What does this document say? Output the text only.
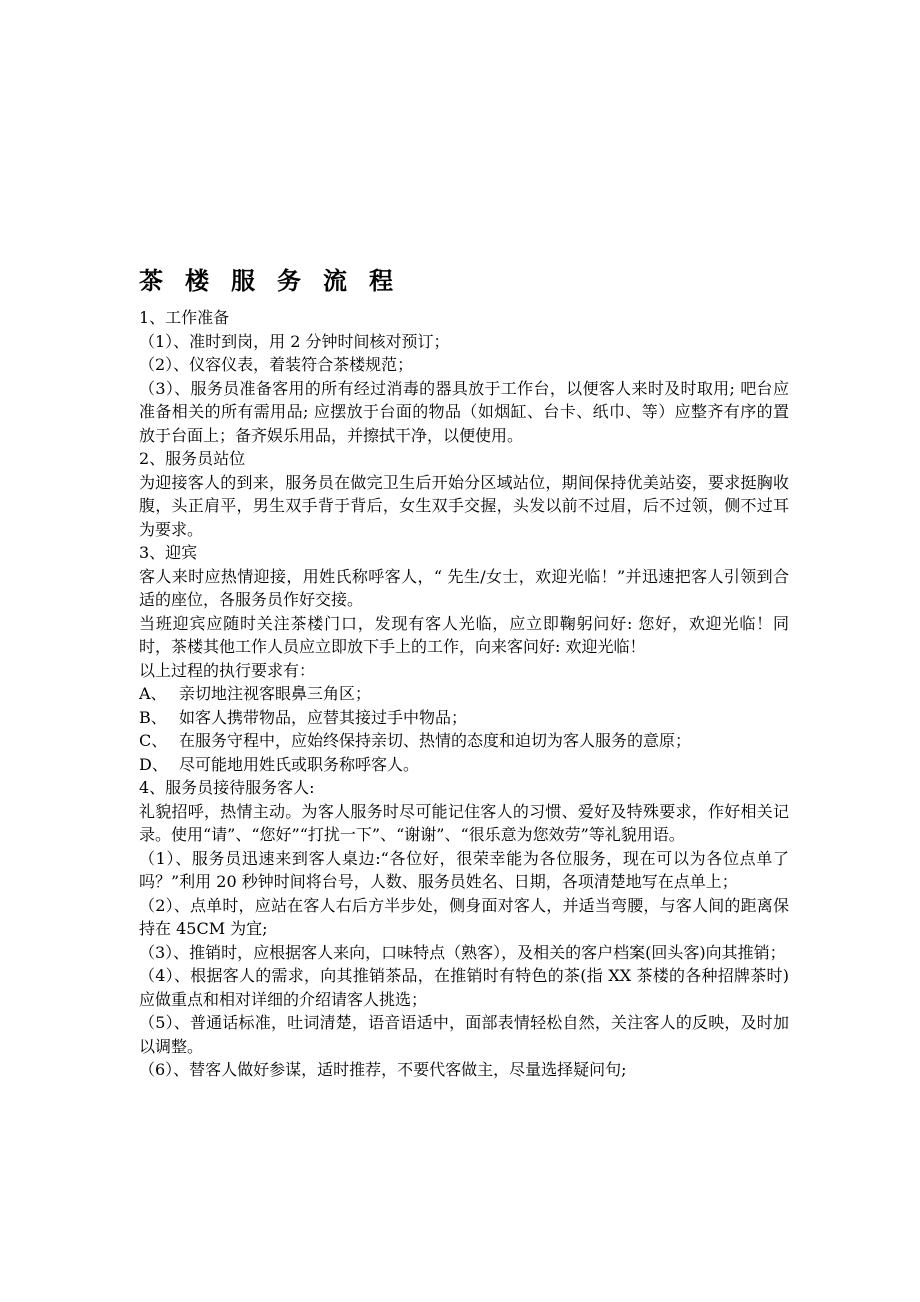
茶楼服务流程

1、工作准备

（1）、准时到岗，用 2 分钟时间核对预订；

（2）、仪容仪表，着装符合茶楼规范；

（3）、服务员准备客用的所有经过消毒的器具放于工作台，以便客人来时及时取用; 吧台应准备相关的所有需用品; 应摆放于台面的物品（如烟缸、台卡、纸巾、等）应整齐有序的置放于台面上；备齐娱乐用品，并擦拭干净，以便使用。

2、服务员站位

为迎接客人的到来，服务员在做完卫生后开始分区域站位，期间保持优美站姿，要求挺胸收腹，头正肩平，男生双手背于背后，女生双手交握，头发以前不过眉，后不过领，侧不过耳为要求。

3、迎宾

客人来时应热情迎接，用姓氏称呼客人，“ 先生/女士，欢迎光临！”并迅速把客人引领到合适的座位，各服务员作好交接。

当班迎宾应随时关注茶楼门口，发现有客人光临，应立即鞠躬问好: 您好，欢迎光临！同时，茶楼其他工作人员应立即放下手上的工作，向来客问好: 欢迎光临！

以上过程的执行要求有：

A、 亲切地注视客眼鼻三角区；

B、 如客人携带物品，应替其接过手中物品；

C、 在服务守程中，应始终保持亲切、热情的态度和迫切为客人服务的意原；

D、 尽可能地用姓氏或职务称呼客人。

4、服务员接待服务客人:

礼貌招呼，热情主动。为客人服务时尽可能记住客人的习惯、爱好及特殊要求，作好相关记录。使用“请”、“您好”“打扰一下”、“谢谢”、“很乐意为您效劳”等礼貌用语。

（1）、服务员迅速来到客人桌边:“各位好，很荣幸能为各位服务，现在可以为各位点单了吗？”利用 20 秒钟时间将台号，人数、服务员姓名、日期，各项清楚地写在点单上；

（2）、点单时，应站在客人右后方半步处，侧身面对客人，并适当弯腰，与客人间的距离保持在 45CM 为宜;

（3）、推销时，应根据客人来向，口味特点（熟客），及相关的客户档案(回头客)向其推销；

（4）、根据客人的需求，向其推销茶品，在推销时有特色的茶(指 XX 茶楼的各种招牌茶时)应做重点和相对详细的介绍请客人挑选；

（5）、普通话标准，吐词清楚，语音语适中，面部表情轻松自然，关注客人的反映，及时加以调整。

（6）、替客人做好参谋，适时推荐，不要代客做主，尽量选择疑问句;
